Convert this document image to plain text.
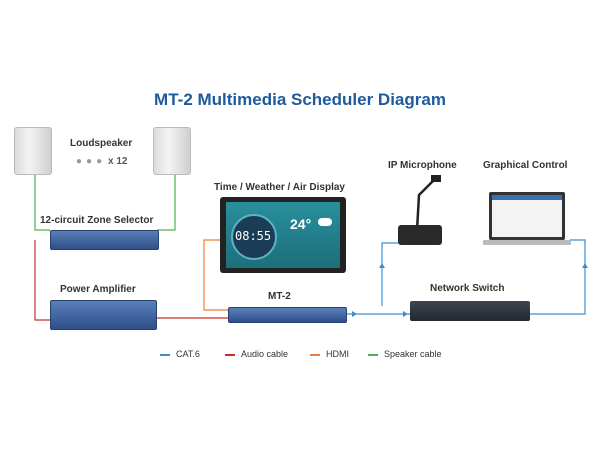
MT-2 Multimedia Scheduler Diagram
Loudspeaker
●●● x 12
12-circuit Zone Selector
Power Amplifier
Time / Weather / Air Display
08:55
24°
MT-2
IP Microphone	Graphical Control
Network Switch
CAT.6	Audio cable	HDMI	Speaker cable
